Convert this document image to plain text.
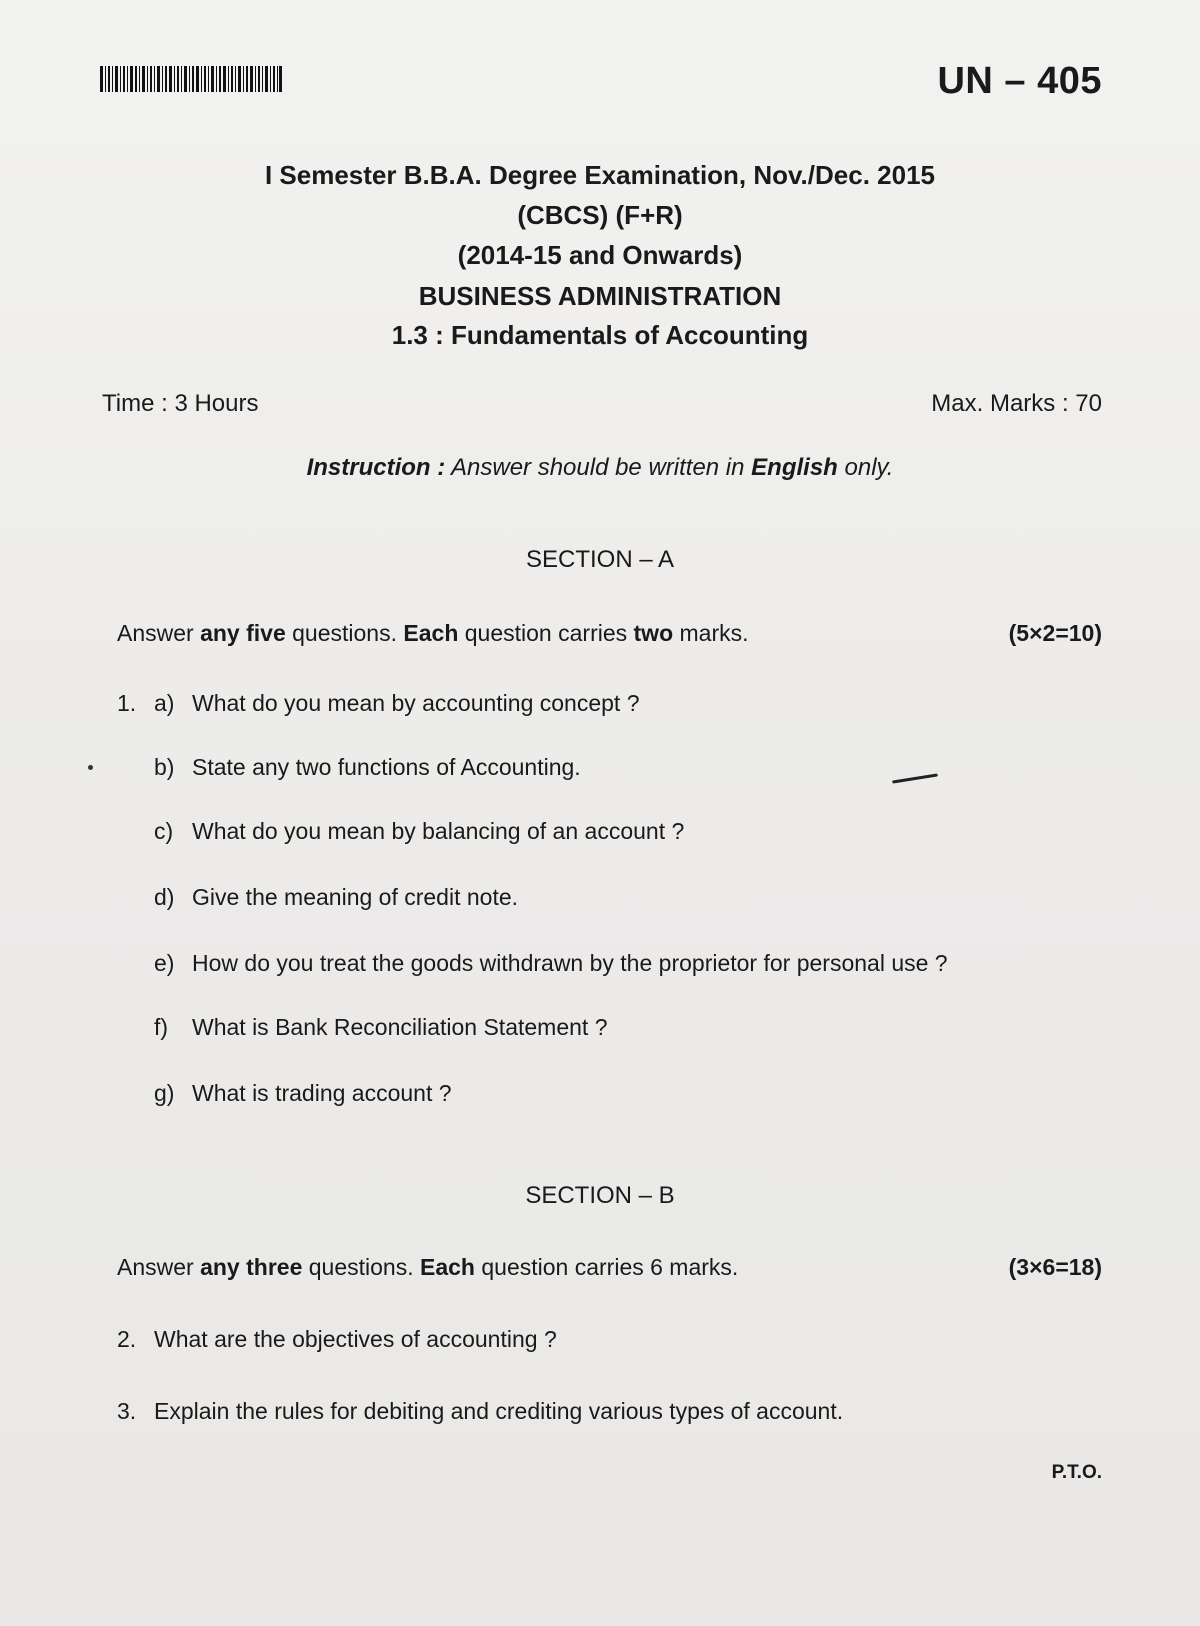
UN – 405
I Semester B.B.A. Degree Examination, Nov./Dec. 2015
(CBCS) (F+R)
(2014-15 and Onwards)
BUSINESS ADMINISTRATION
1.3 : Fundamentals of Accounting
Time : 3 Hours	Max. Marks : 70
Instruction : Answer should be written in English only.
SECTION – A
Answer any five questions. Each question carries two marks.	(5×2=10)
1. a) What do you mean by accounting concept ?
b) State any two functions of Accounting.
c) What do you mean by balancing of an account ?
d) Give the meaning of credit note.
e) How do you treat the goods withdrawn by the proprietor for personal use ?
f) What is Bank Reconciliation Statement ?
g) What is trading account ?
SECTION – B
Answer any three questions. Each question carries 6 marks.	(3×6=18)
2. What are the objectives of accounting ?
3. Explain the rules for debiting and crediting various types of account.
P.T.O.
